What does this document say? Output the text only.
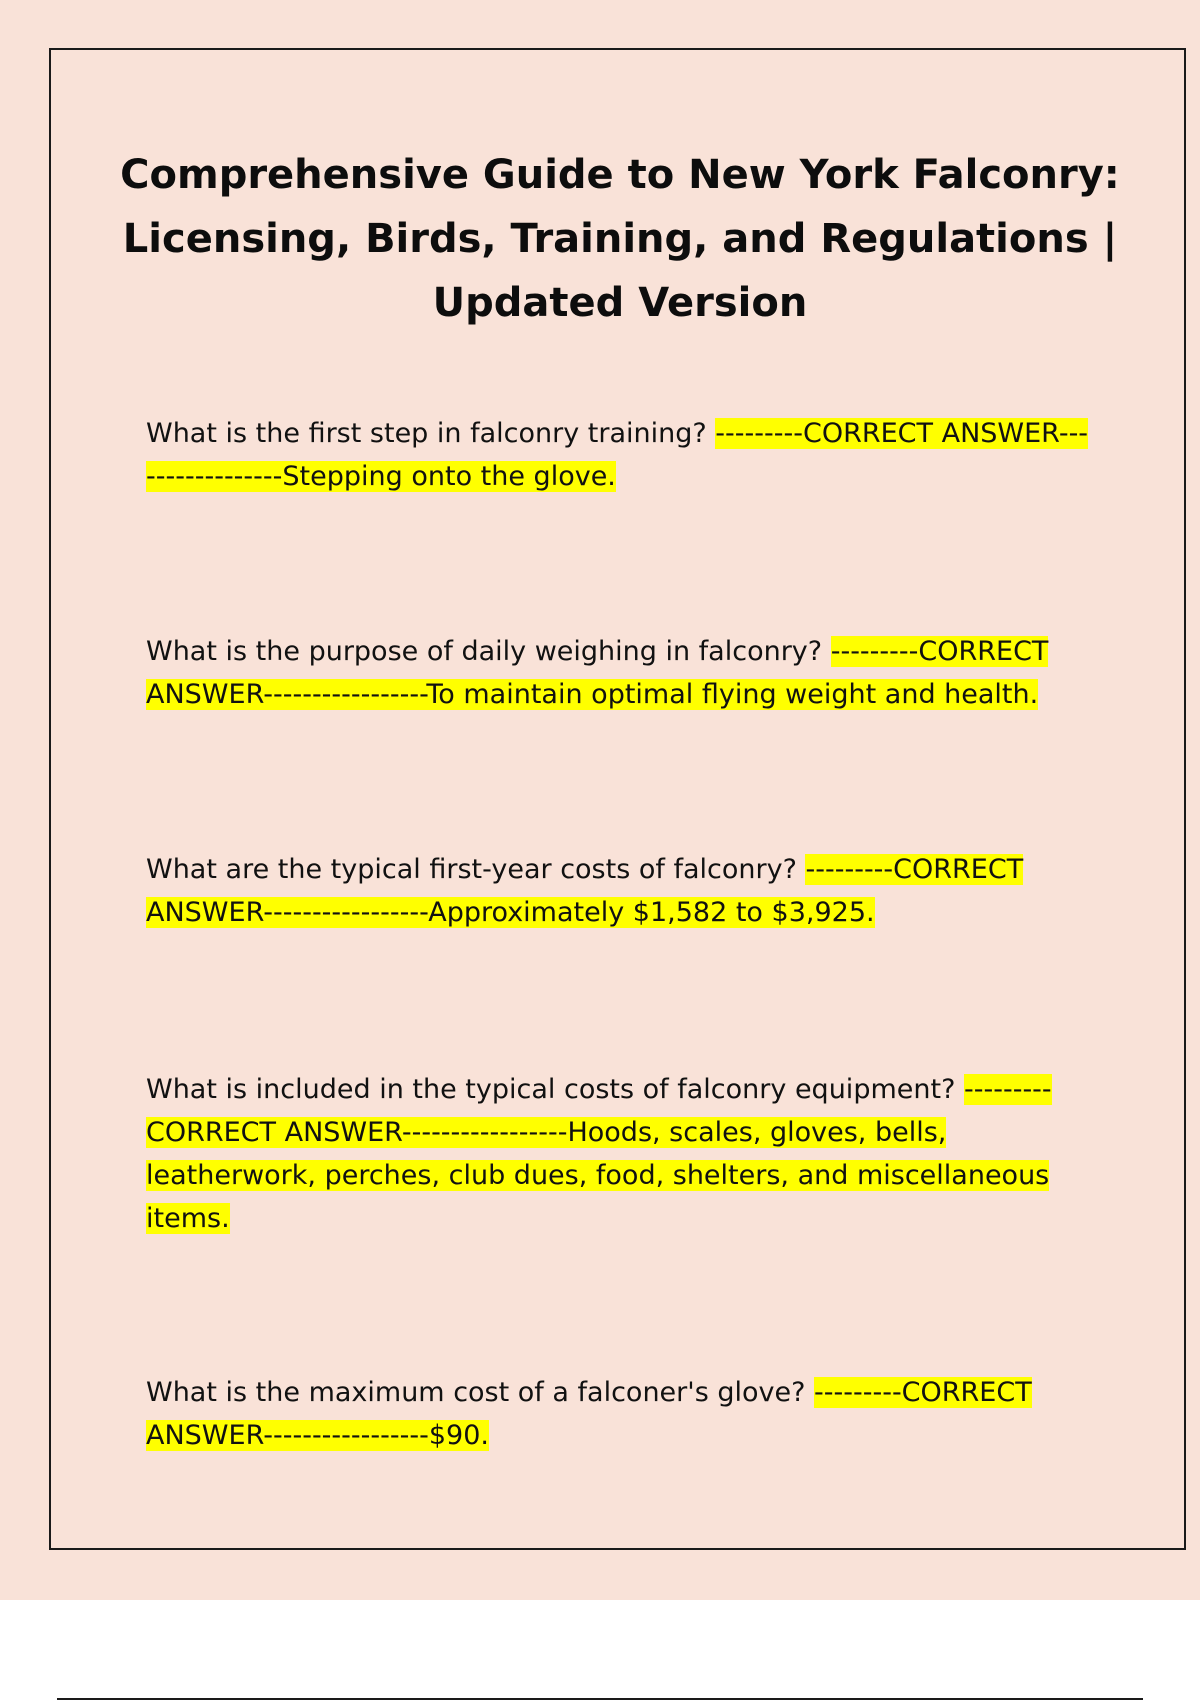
Comprehensive Guide to New York Falconry:
Licensing, Birds, Training, and Regulations |
Updated Version

What is the first step in falconry training? ---------CORRECT ANSWER-----------------Stepping onto the glove.

What is the purpose of daily weighing in falconry? ---------CORRECT ANSWER-----------------To maintain optimal flying weight and health.

What are the typical first-year costs of falconry? ---------CORRECT ANSWER-----------------Approximately $1,582 to $3,925.

What is included in the typical costs of falconry equipment? ---------CORRECT ANSWER-----------------Hoods, scales, gloves, bells, leatherwork, perches, club dues, food, shelters, and miscellaneous items.

What is the maximum cost of a falconer's glove? ---------CORRECT ANSWER-----------------$90.
